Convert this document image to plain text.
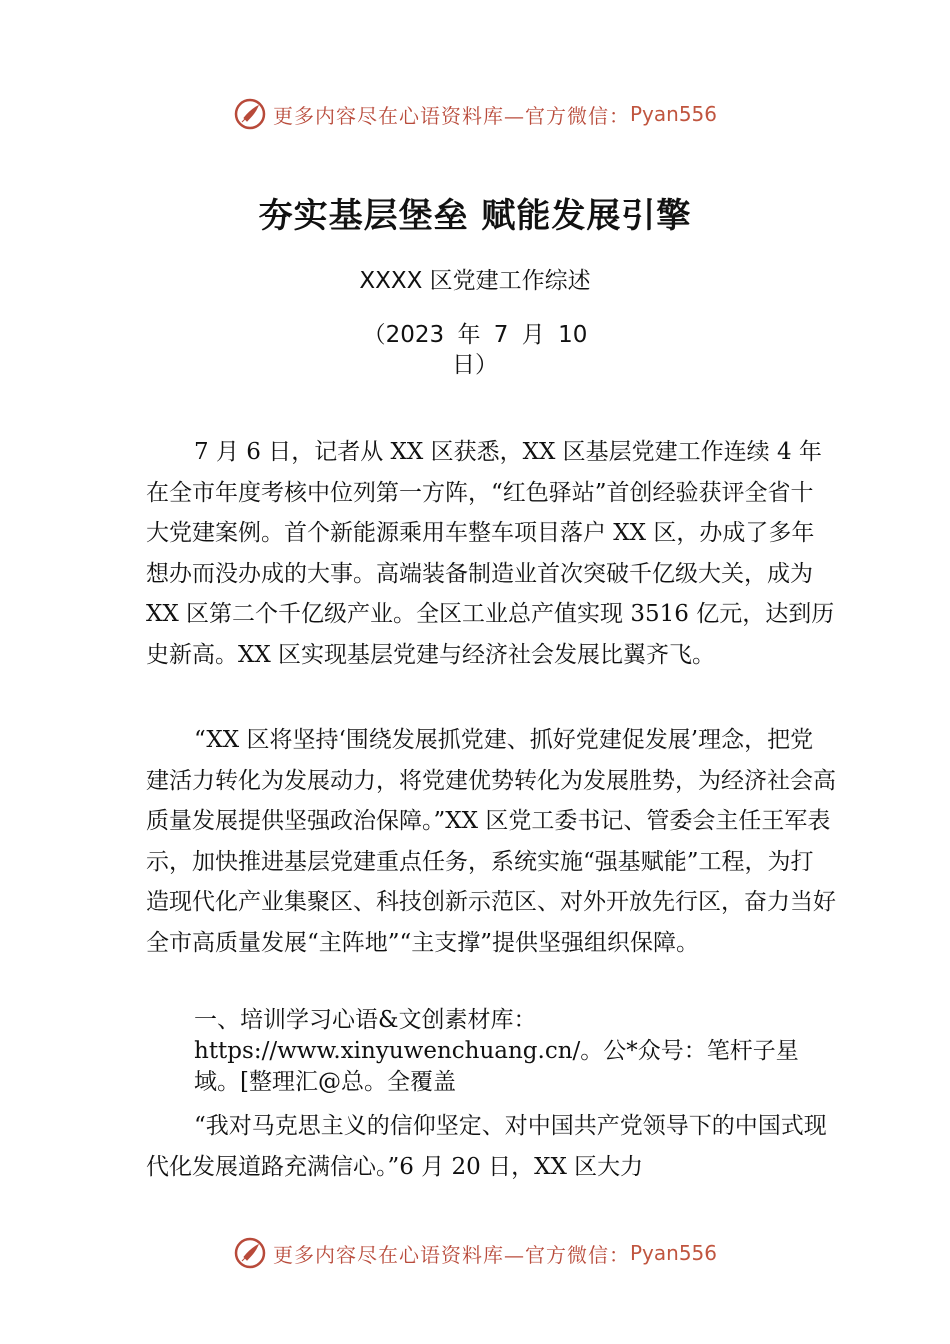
更多内容尽在心语资料库—官方微信： Pyan556
夯实基层堡垒 赋能发展引擎
XXXX 区党建工作综述
（2023 年 7 月 10
日）
7 月 6 日，记者从 XX 区获悉，XX 区基层党建工作连续 4 年在全市年度考核中位列第一方阵，“红色驿站”首创经验获评全省十大党建案例。首个新能源乘用车整车项目落户 XX 区，办成了多年想办而没办成的大事。高端装备制造业首次突破千亿级大关，成为 XX 区第二个千亿级产业。全区工业总产值实现 3516 亿元，达到历史新高。XX 区实现基层党建与经济社会发展比翼齐飞。
“XX 区将坚持‘围绕发展抓党建、抓好党建促发展’理念，把党建活力转化为发展动力，将党建优势转化为发展胜势，为经济社会高质量发展提供坚强政治保障。”XX 区党工委书记、管委会主任王军表示，加快推进基层党建重点任务，系统实施“强基赋能”工程，为打造现代化产业集聚区、科技创新示范区、对外开放先行区，奋力当好全市高质量发展“主阵地”“主支撑”提供坚强组织保障。
一、培训学习心语&文创素材库：https://www.xinyuwenchuang.cn/。公*众号：笔杆子星域。[整理汇@总。全覆盖
“我对马克思主义的信仰坚定、对中国共产党领导下的中国式现代化发展道路充满信心。”6 月 20 日，XX 区大力
更多内容尽在心语资料库—官方微信： Pyan556
